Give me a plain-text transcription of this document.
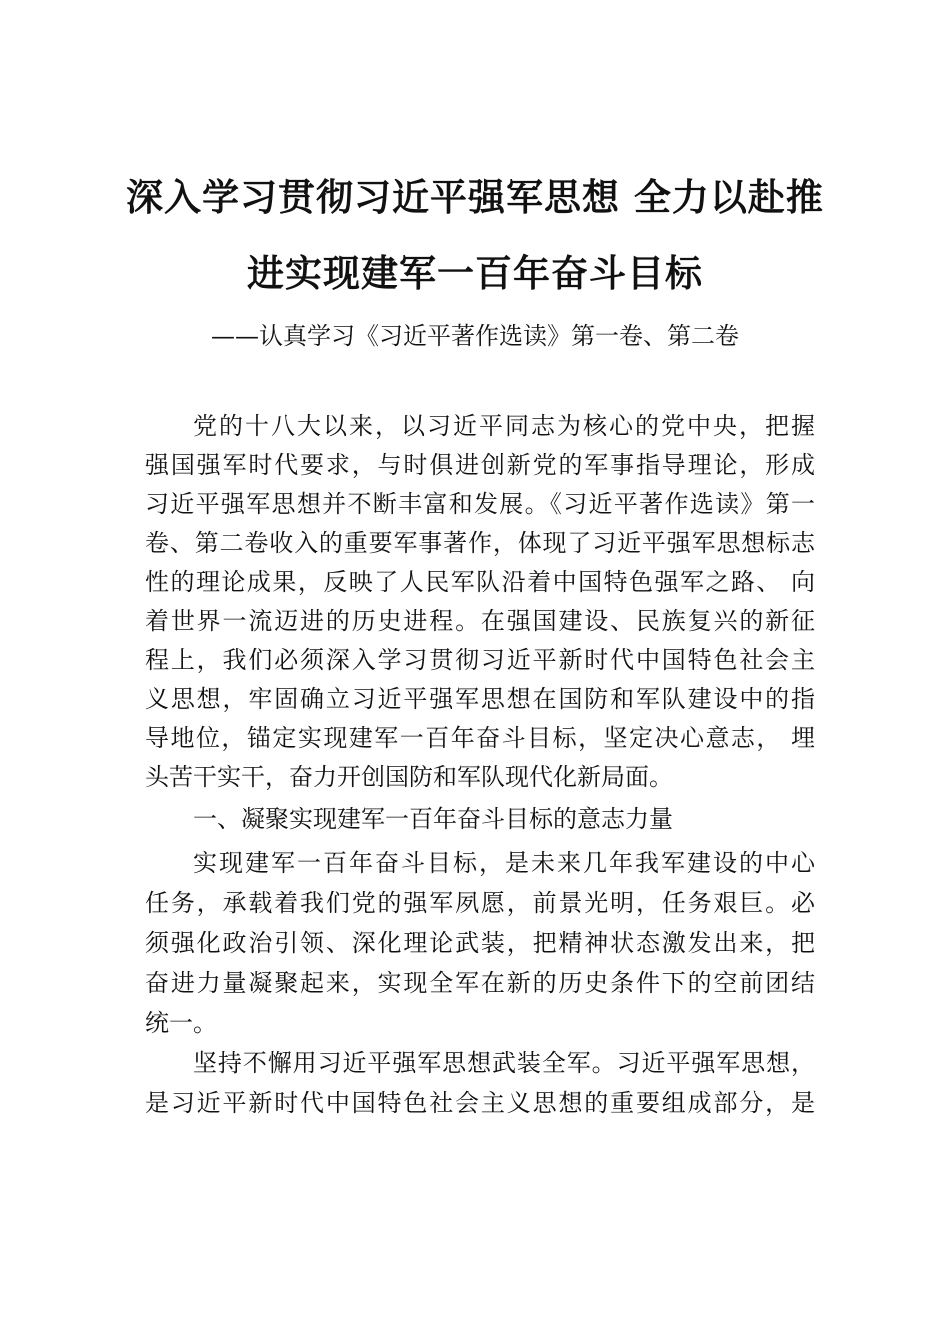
深入学习贯彻习近平强军思想 全力以赴推
进实现建军一百年奋斗目标
——认真学习《习近平著作选读》第一卷、第二卷
党的十八大以来，以习近平同志为核心的党中央，把握
强国强军时代要求，与时俱进创新党的军事指导理论，形成
习近平强军思想并不断丰富和发展。《习近平著作选读》第一
卷、第二卷收入的重要军事著作，体现了习近平强军思想标志
性的理论成果，反映了人民军队沿着中国特色强军之路、 向
着世界一流迈进的历史进程。在强国建设、民族复兴的新征
程上，我们必须深入学习贯彻习近平新时代中国特色社会主
义思想，牢固确立习近平强军思想在国防和军队建设中的指
导地位，锚定实现建军一百年奋斗目标，坚定决心意志， 埋
头苦干实干，奋力开创国防和军队现代化新局面。
一、凝聚实现建军一百年奋斗目标的意志力量
实现建军一百年奋斗目标，是未来几年我军建设的中心
任务，承载着我们党的强军夙愿，前景光明，任务艰巨。必
须强化政治引领、深化理论武装，把精神状态激发出来，把
奋进力量凝聚起来，实现全军在新的历史条件下的空前团结
统一。
坚持不懈用习近平强军思想武装全军。习近平强军思想，
是习近平新时代中国特色社会主义思想的重要组成部分，是
